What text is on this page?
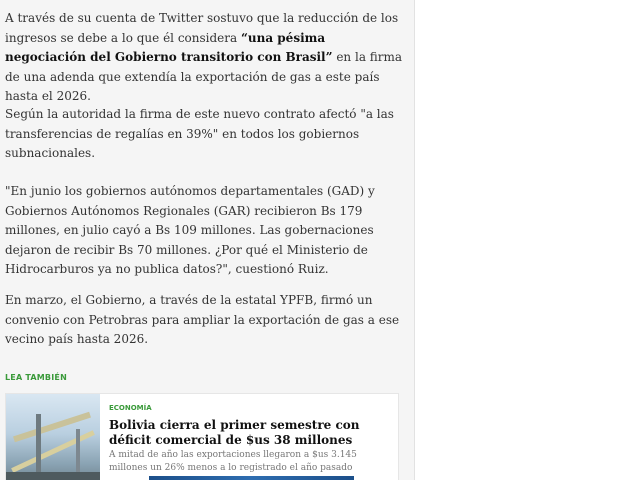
A través de su cuenta de Twitter sostuvo que la reducción de los ingresos se debe a lo que él considera “una pésima negociación del Gobierno transitorio con Brasil” en la firma de una adenda que extendía la exportación de gas a este país hasta el 2026.

Según la autoridad la firma de este nuevo contrato afectó "a las transferencias de regalías en 39%" en todos los gobiernos subnacionales.

"En junio los gobiernos autónomos departamentales (GAD) y Gobiernos Autónomos Regionales (GAR) recibieron Bs 179 millones, en julio cayó a Bs 109 millones. Las gobernaciones dejaron de recibir Bs 70 millones. ¿Por qué el Ministerio de Hidrocarburos ya no publica datos?", cuestionó Ruiz.

En marzo, el Gobierno, a través de la estatal YPFB, firmó un convenio con Petrobras para ampliar la exportación de gas a ese vecino país hasta 2026.

LEA TAMBIÉN
ECONOMÍA

Bolivia cierra el primer semestre con déficit comercial de $us 38 millones

A mitad de año las exportaciones llegaron a $us 3.145 millones un 26% menos a lo registrado el año pasado
